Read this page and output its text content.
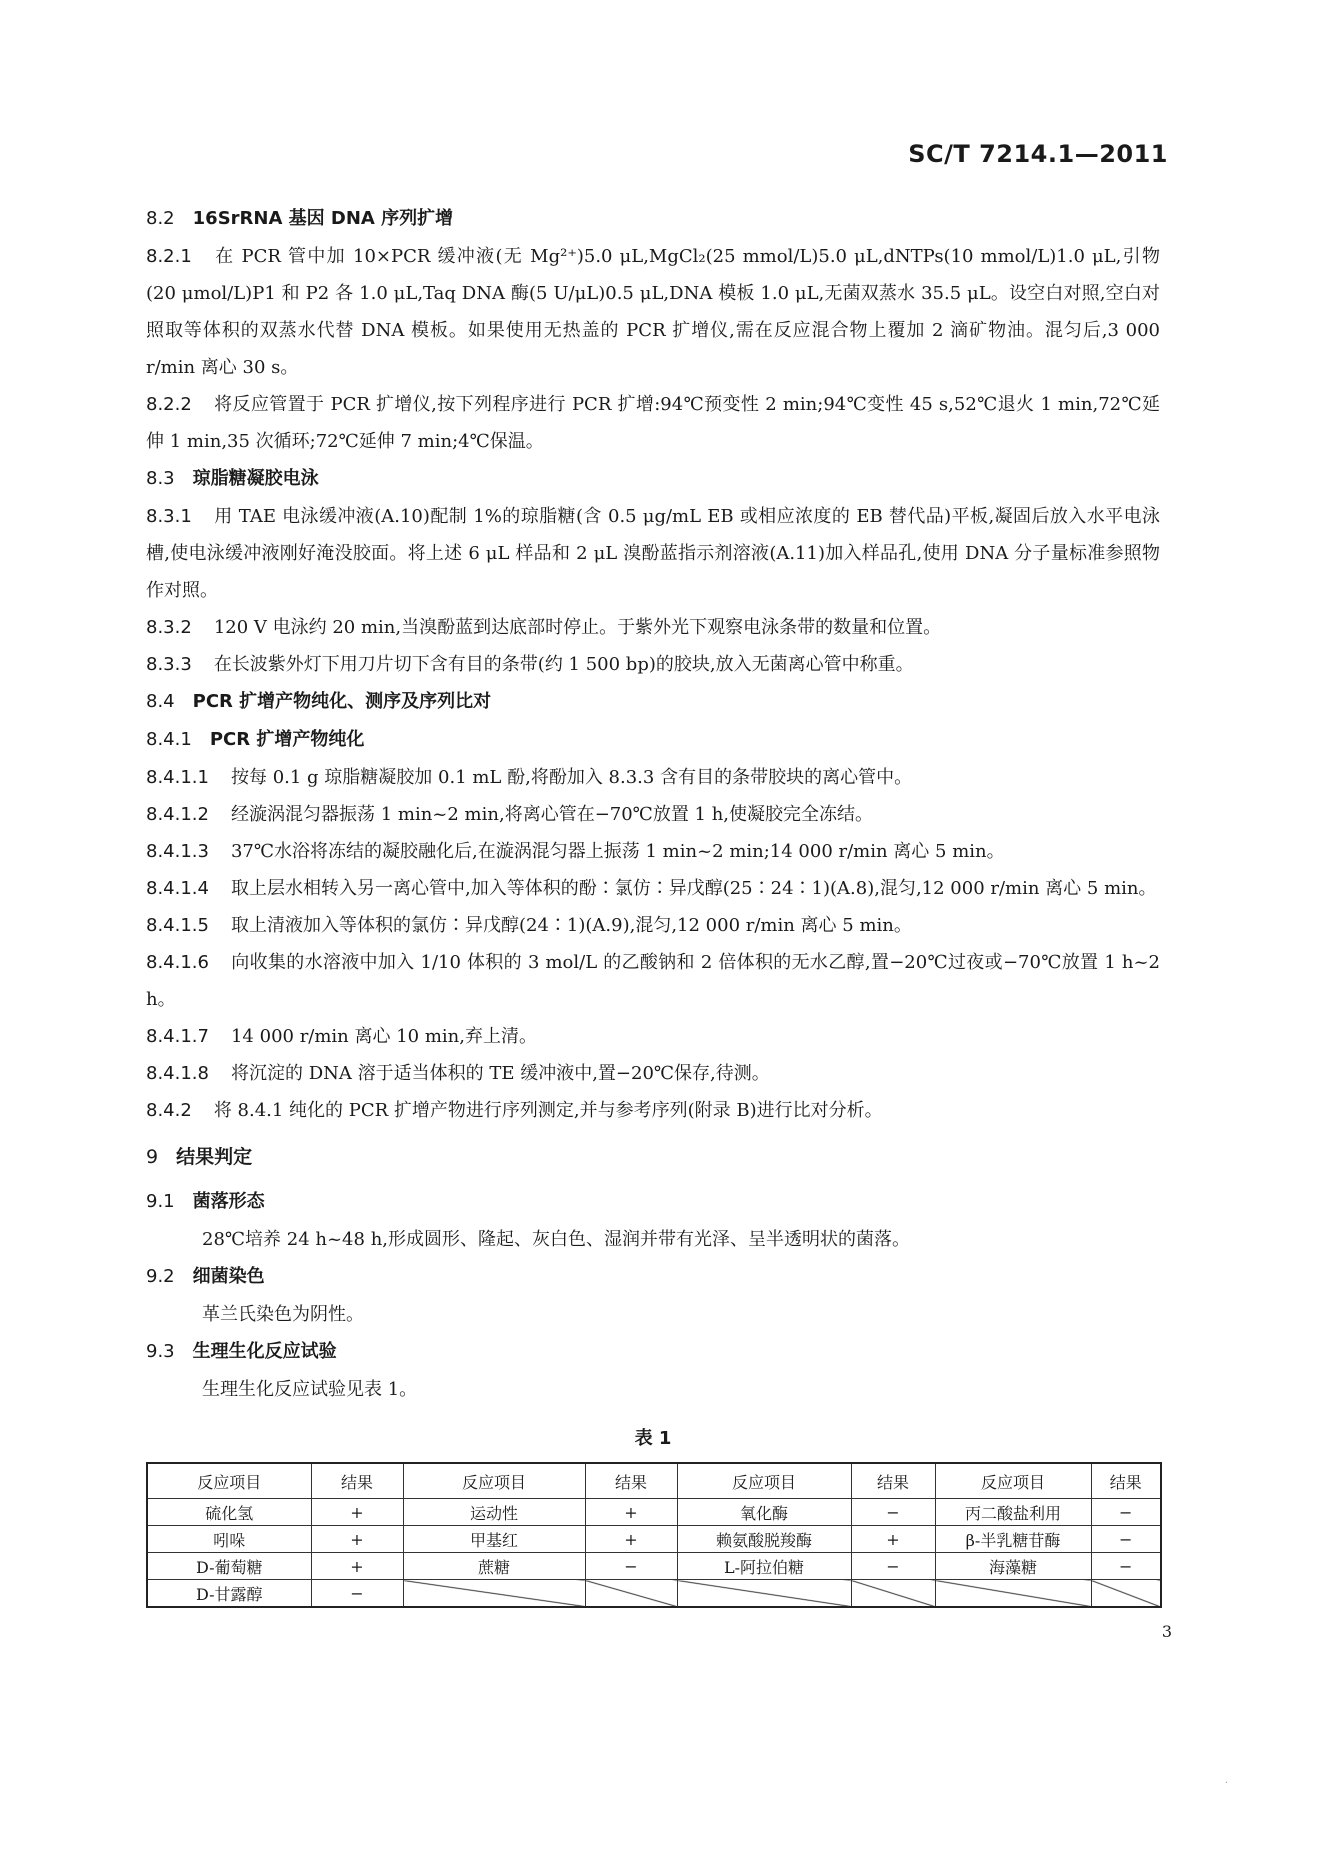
SC/T 7214.1—2011
8.2 16SrRNA 基因 DNA 序列扩增

8.2.1 在 PCR 管中加 10×PCR 缓冲液(无 Mg²⁺)5.0 μL,MgCl₂(25 mmol/L)5.0 μL,dNTPs(10 mmol/L)1.0 μL,引物(20 μmol/L)P1 和 P2 各 1.0 μL,Taq DNA 酶(5 U/μL)0.5 μL,DNA 模板 1.0 μL,无菌双蒸水 35.5 μL。设空白对照,空白对照取等体积的双蒸水代替 DNA 模板。如果使用无热盖的 PCR 扩增仪,需在反应混合物上覆加 2 滴矿物油。混匀后,3 000 r/min 离心 30 s。

8.2.2 将反应管置于 PCR 扩增仪,按下列程序进行 PCR 扩增:94℃预变性 2 min;94℃变性 45 s,52℃退火 1 min,72℃延伸 1 min,35 次循环;72℃延伸 7 min;4℃保温。

8.3 琼脂糖凝胶电泳

8.3.1 用 TAE 电泳缓冲液(A.10)配制 1%的琼脂糖(含 0.5 μg/mL EB 或相应浓度的 EB 替代品)平板,凝固后放入水平电泳槽,使电泳缓冲液刚好淹没胶面。将上述 6 μL 样品和 2 μL 溴酚蓝指示剂溶液(A.11)加入样品孔,使用 DNA 分子量标准参照物作对照。

8.3.2 120 V 电泳约 20 min,当溴酚蓝到达底部时停止。于紫外光下观察电泳条带的数量和位置。

8.3.3 在长波紫外灯下用刀片切下含有目的条带(约 1 500 bp)的胶块,放入无菌离心管中称重。

8.4 PCR 扩增产物纯化、测序及序列比对
8.4.1 PCR 扩增产物纯化

8.4.1.1 按每 0.1 g 琼脂糖凝胶加 0.1 mL 酚,将酚加入 8.3.3 含有目的条带胶块的离心管中。

8.4.1.2 经漩涡混匀器振荡 1 min~2 min,将离心管在−70℃放置 1 h,使凝胶完全冻结。

8.4.1.3 37℃水浴将冻结的凝胶融化后,在漩涡混匀器上振荡 1 min~2 min;14 000 r/min 离心 5 min。

8.4.1.4 取上层水相转入另一离心管中,加入等体积的酚∶氯仿∶异戊醇(25∶24∶1)(A.8),混匀,12 000 r/min 离心 5 min。

8.4.1.5 取上清液加入等体积的氯仿∶异戊醇(24∶1)(A.9),混匀,12 000 r/min 离心 5 min。

8.4.1.6 向收集的水溶液中加入 1/10 体积的 3 mol/L 的乙酸钠和 2 倍体积的无水乙醇,置−20℃过夜或−70℃放置 1 h~2 h。

8.4.1.7 14 000 r/min 离心 10 min,弃上清。

8.4.1.8 将沉淀的 DNA 溶于适当体积的 TE 缓冲液中,置−20℃保存,待测。

8.4.2 将 8.4.1 纯化的 PCR 扩增产物进行序列测定,并与参考序列(附录 B)进行比对分析。

9 结果判定
9.1 菌落形态

28℃培养 24 h~48 h,形成圆形、隆起、灰白色、湿润并带有光泽、呈半透明状的菌落。

9.2 细菌染色

革兰氏染色为阴性。

9.3 生理生化反应试验

生理生化反应试验见表 1。

表 1
反应项目	结果	反应项目	结果	反应项目	结果	反应项目	结果
硫化氢	+	运动性	+	氧化酶	−	丙二酸盐利用	−
吲哚	+	甲基红	+	赖氨酸脱羧酶	+	β-半乳糖苷酶	−
D-葡萄糖	+	蔗糖	−	L-阿拉伯糖	−	海藻糖	−
D-甘露醇	−						
3
·
